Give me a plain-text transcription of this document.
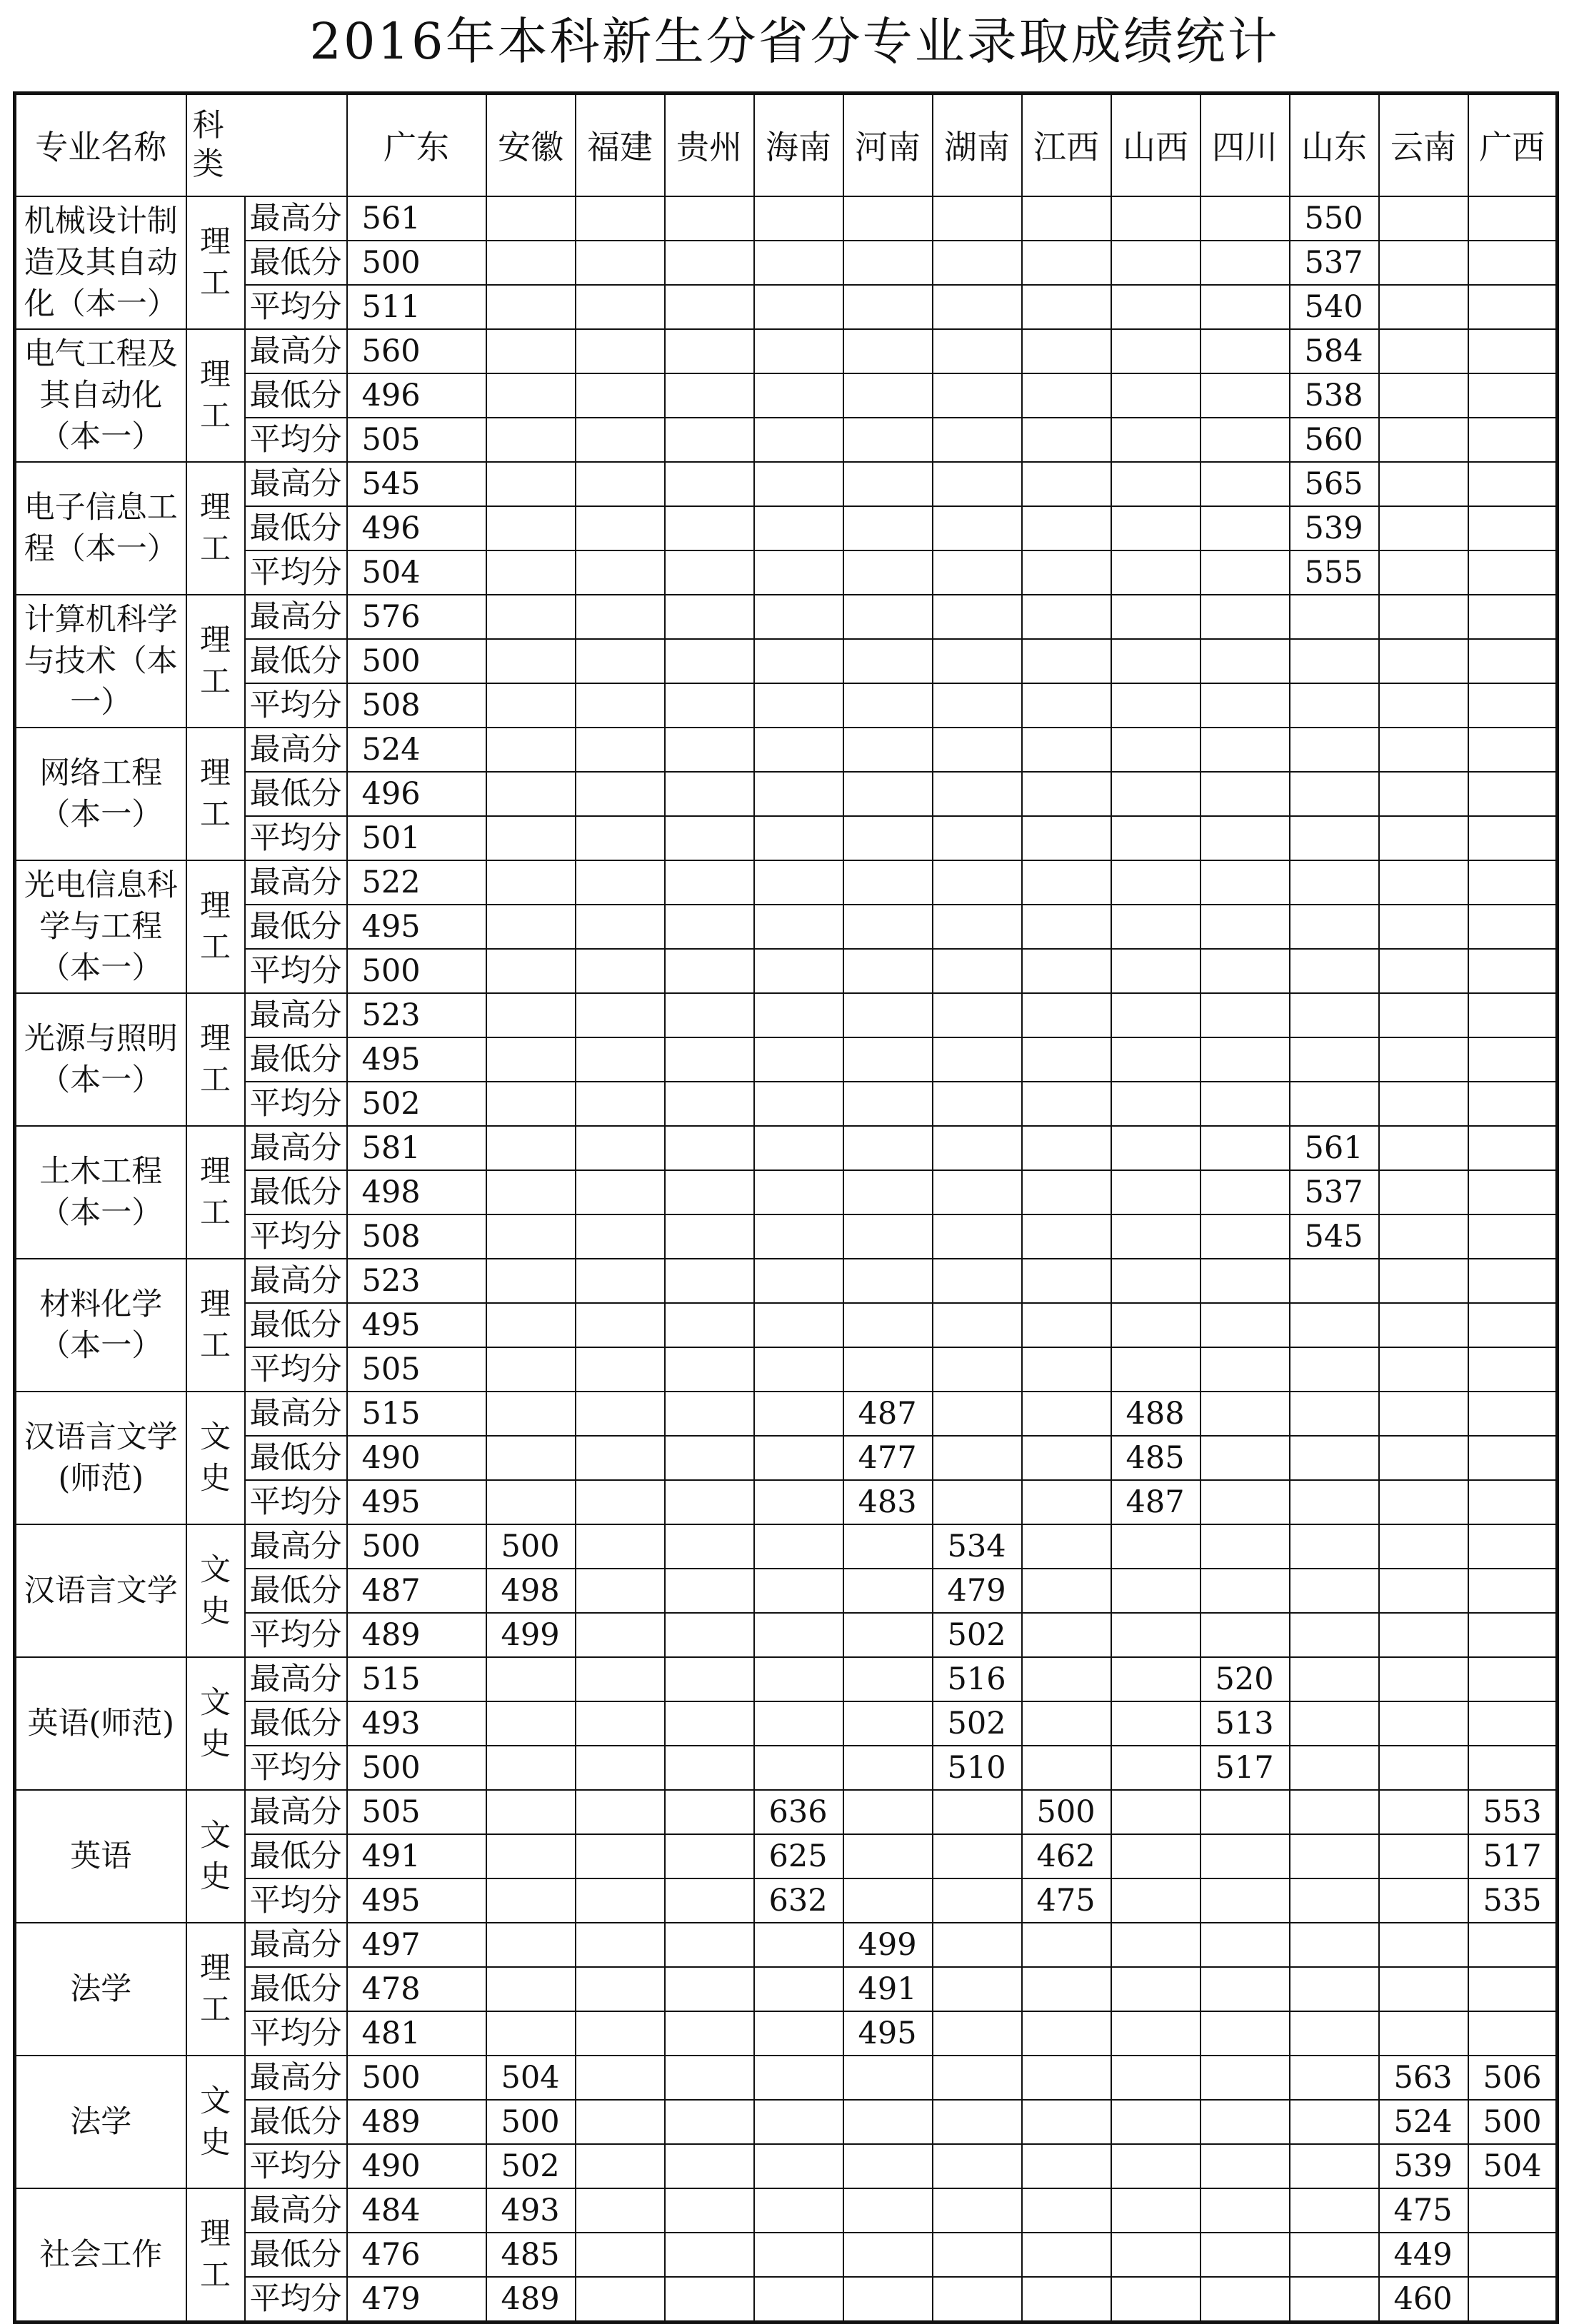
2016年本科新生分省分专业录取成绩统计
专业名称	科类		广东	安徽	福建	贵州	海南	河南	湖南	江西	山西	四川	山东	云南	广西
机械设计制造及其自动化（本一）	理工	最高分	561										550		
		最低分	500										537		
		平均分	511										540		
电气工程及其自动化（本一）	理工	最高分	560										584		
		最低分	496										538		
		平均分	505										560		
电子信息工程（本一）	理工	最高分	545										565		
		最低分	496										539		
		平均分	504										555		
计算机科学与技术（本一）	理工	最高分	576												
		最低分	500												
		平均分	508												
网络工程（本一）	理工	最高分	524												
		最低分	496												
		平均分	501												
光电信息科学与工程（本一）	理工	最高分	522												
		最低分	495												
		平均分	500												
光源与照明（本一）	理工	最高分	523												
		最低分	495												
		平均分	502												
土木工程（本一）	理工	最高分	581										561		
		最低分	498										537		
		平均分	508										545		
材料化学（本一）	理工	最高分	523												
		最低分	495												
		平均分	505												
汉语言文学(师范)	文史	最高分	515					487			488				
		最低分	490					477			485				
		平均分	495					483			487				
汉语言文学	文史	最高分	500	500					534						
		最低分	487	498					479						
		平均分	489	499					502						
英语(师范)	文史	最高分	515						516			520			
		最低分	493						502			513			
		平均分	500						510			517			
英语	文史	最高分	505				636			500					553
		最低分	491				625			462					517
		平均分	495				632			475					535
法学	理工	最高分	497					499							
		最低分	478					491							
		平均分	481					495							
法学	文史	最高分	500	504										563	506
		最低分	489	500										524	500
		平均分	490	502										539	504
社会工作	理工	最高分	484	493										475	
		最低分	476	485										449	
		平均分	479	489										460	
